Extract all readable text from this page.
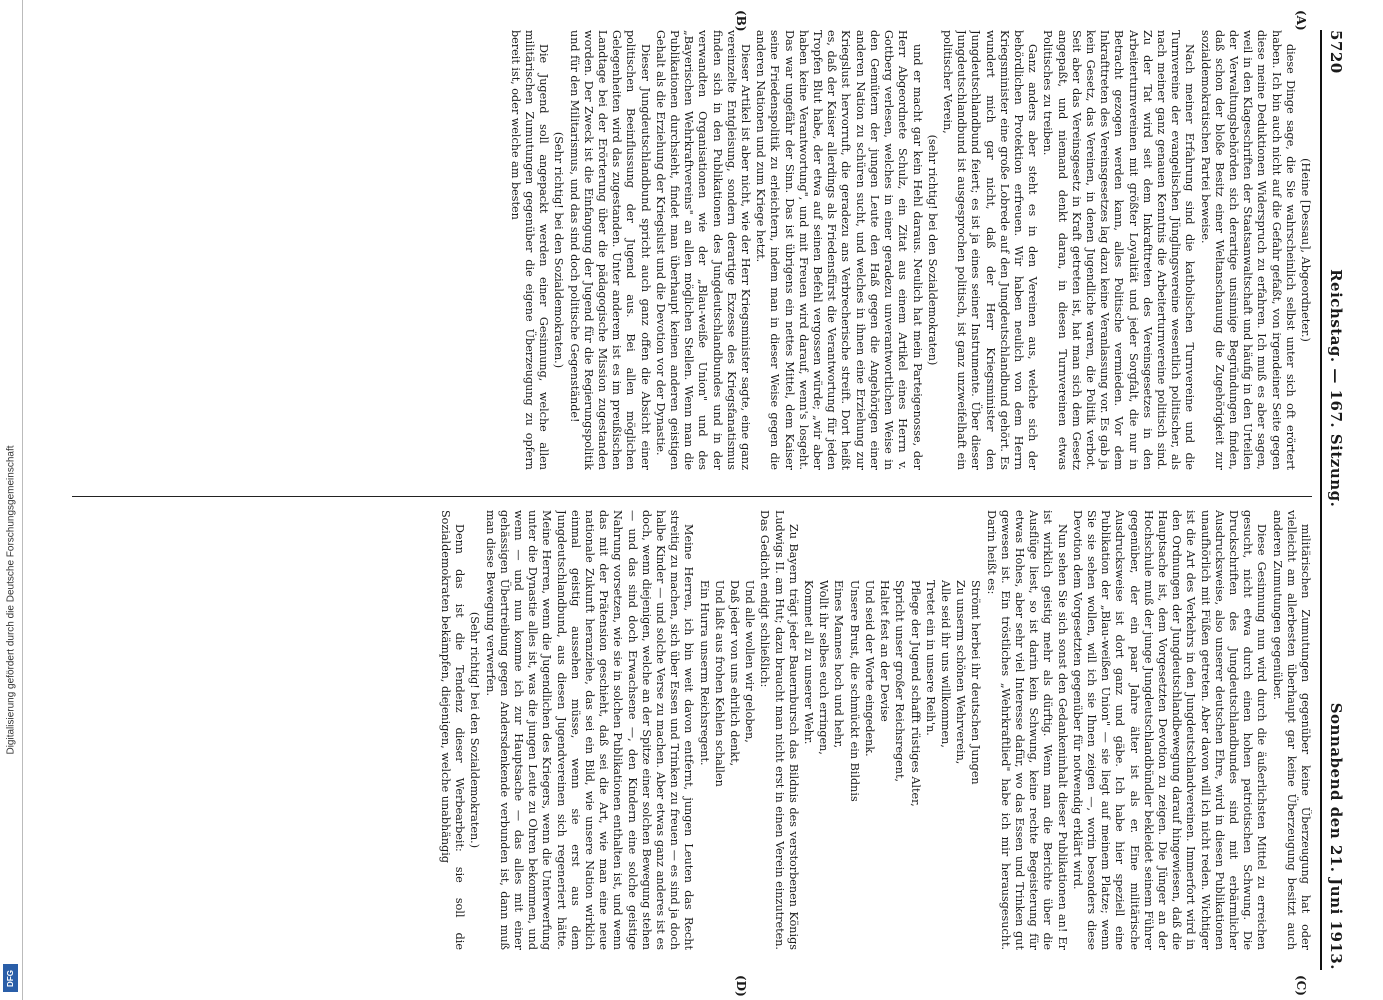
Digitalisierung gefördert durch die Deutsche Forschungsgemeinschaft
DFG
5720
Reichstag. — 167. Sitzung.
Sonnabend den 21. Juni 1913.
(A)
(B)
(C)
(D)

(Heine [Dessau], Abgeordneter.)

diese Dinge sage, die Sie wahrscheinlich selbst unter sich oft erörtert haben. Ich bin auch nicht auf die Gefahr gefaßt, von irgendeiner Seite gegen diese meine Deduktionen Widerspruch zu erfahren. Ich muß es aber sagen, weil in den Klageschriften der Staatsanwaltschaft und häufig in den Urteilen der Verwaltungsbehörden sich derartige unsinnige Begründungen finden, daß schon der bloße Besitz einer Weltanschauung die Zugehörigkeit zur sozialdemokratischen Partei beweise.

Nach meiner Erfahrung sind die katholischen Turnvereine und die Turnvereine der evangelischen Jünglingsvereine wesentlich politischer, als nach meiner ganz genauen Kenntnis die Arbeiterturnvereine politisch sind. Zu der Tat wird seit dem Inkrafttreten des Vereinsgesetzes in den Arbeiterturnvereinen mit größter Loyalität und jeder Sorgfalt, die nur in Betracht gezogen werden kann, alles Politische vermieden. Vor dem Inkrafttreten des Vereinsgesetzes lag dazu keine Veranlassung vor. Es gab ja kein Gesetz, das Vereinen, in denen Jugendliche waren, die Politik verbot. Seit aber das Vereinsgesetz in Kraft getreten ist, hat man sich dem Gesetz angepaßt, und niemand denkt daran, in diesen Turnvereinen etwas Politisches zu treiben.

Ganz anders aber steht es in den Vereinen aus, welche sich der behördlichen Protektion erfreuen. Wir haben neulich von dem Herrn Kriegsminister eine große Lobrede auf den Jungdeutschlandbund gehört. Es wundert mich gar nicht, daß der Herr Kriegsminister den Jungdeutschlandbund feiert; es ist ja eines seiner Instrumente. Über dieser Jungdeutschlandbund ist ausgesprochen politisch, ist ganz unzweifelhaft ein politischer Verein,

(sehr richtig! bei den Sozialdemokraten)

und er macht gar kein Hehl daraus. Neulich hat mein Parteigenosse, der Herr Abgeordnete Schulz, ein Zitat aus einem Artikel eines Herrn v. Gottberg verlesen, welches in einer geradezu unverantwortlichen Weise in den Gemütern der jungen Leute den Haß gegen die Angehörigen einer anderen Nation zu schüren sucht, und welches in ihnen eine Erziehung zur Kriegslust hervorruft, die geradezu ans Verbrecherische streift. Dort heißt es, daß der Kaiser allerdings als Friedensfürst die Verantwortung für jeden Tropfen Blut habe, der etwa auf seinen Befehl vergossen würde; „wir aber haben keine Verantwortung", und mit Freuen wird darauf, wenn's losgeht. Das war ungefähr der Sinn. Das ist übrigens ein nettes Mittel, dem Kaiser seine Friedenspolitik zu erleichtern, indem man in dieser Weise gegen die anderen Nationen und zum Kriege hetzt.

Dieser Artikel ist aber nicht, wie der Herr Kriegsminister sagte, eine ganz vereinzelte Entgleisung, sondern derartige Exzesse des Kriegsfanatismus finden sich in den Publikationen des Jungdeutschlandbundes und in der verwandten Organisationen wie der „Blau-weiße Union" und des „Bayerischen Wehrkraftvereins" an allen möglichen Stellen. Wenn man die Publikationen durchsieht, findet man überhaupt keinen anderen geistigen Gehalt als die Erziehung der Kriegslust und die Devotion vor der Dynastie.

Dieser Jungdeutschlandbund spricht auch ganz offen die Absicht einer politischen Beeinflussung der Jugend aus. Bei allen möglichen Gelegenheiten wird das zugestanden. Unter anderem ist es im preußischen Landtage bei der Erörterung über die pädagogische Mission zugestanden worden. Der Zweck ist die Einfangung der Jugend für die Regierungspolitik und für den Militarismus, und das sind doch politische Gegenstände!

(Sehr richtig! bei den Sozialdemokraten.)

Die Jugend soll angepackt werden einer Gesinnung, welche allen militärischen Zumutungen gegenüber die eigene Überzeugung zu opfern bereit ist, oder welche am besten

militärischen Zumutungen gegenüber keine Überzeugung hat oder vielleicht am allerbesten überhaupt gar keine Überzeugung besitzt auch anderen Zumutungen gegenüber.

Diese Gesinnung nun wird durch die äußerlichsten Mittel zu erreichen gesucht, nicht etwa durch einen hohen patriotischen Schwung. Die Druckschriften des Jungdeutschlandbundes sind mit erbärmlicher Ausdrucksweise, also unserer deutschen Ehre, wird in diesen Publikationen unaufhörlich mit Füßen getreten. Aber davon will ich nicht reden. Wichtiger ist die Art des Verkehrs in den Jungdeutschlandvereinen. Immerfort wird in den Ordnungen der Jungdeutschlandbewegung darauf hingewiesen, daß die Hauptsache ist, dem Vorgesetzten Devotion zu zeigen. Die Jünger an der Hochschule muß der junge Jungdeutschlandbündler bekleidet seinem Führer gegenüber, der ein paar Jahre älter ist als er. Eine militärische Ausdrucksweise ist dort ganz und gäbe. Ich habe hier speziell eine Publikation der „Blau-weißen Union" — sie liegt auf meinem Platze; wenn Sie sie sehen wollen, will ich sie Ihnen zeigen —, worin besonders diese Devotion dem Vorgesetzten gegenüber für notwendig erklärt wird.

Nun sehen Sie sich sonst den Gedankeninhalt dieser Publikationen an! Er ist wirklich geistig mehr als dürftig. Wenn man die Berichte über die Ausflüge liest, so ist darin kein Schwung, keine rechte Begeisterung für etwas Hohes, aber sehr viel Interesse dafür, wo das Essen und Trinken gut gewesen ist. Ein tröstliches „Wehrkraftlied" habe ich mir herausgesucht. Darin heißt es:

Strömt herbei ihr deutschen Jungen

Zu unserm schönen Wehrverein,

Alle seid ihr uns willkommen,

Tretet ein in unsere Reih'n.

Pflege der Jugend schafft rüstiges Alter,

Spricht unser großer Reichsregent,

Haltet fest an der Devise

Und seid der Worte eingedenk.

Unsere Brust, die schmückt ein Bildnis

Eines Mannes hoch und hehr,

Wollt ihr selbes euch erringen,

Kommet all zu unserer Wehr.

Zu Bayern trägt jeder Bauernbursch das Bildnis des verstorbenen Königs Ludwigs II. am Hut; dazu braucht man nicht erst in einen Verein einzutreten. Das Gedicht endigt schließlich:

Und alle wollen wir geloben,

Daß jeder von uns ehrlich denkt,

Und laßt aus frohen Kehlen schallen

Ein Hurra unserm Reichsregent.

Meine Herren, ich bin weit davon entfernt, jungen Leuten das Recht streitig zu machen, sich über Essen und Trinken zu freuen — es sind ja doch halbe Kinder — und solche Verse zu machen. Aber etwas ganz anderes ist es doch, wenn diejenigen, welche an der Spitze einer solchen Bewegung stehen — und das sind doch Erwachsene —, den Kindern eine solche geistige Nahrung vorsetzen, wie sie in solchen Publikationen enthalten ist, und wenn das mit der Prätension geschieht, daß sei die Art, wie man eine neue nationale Zukunft heranziehe, das sei ein Bild, wie unsere Nation wirklich einmal geistig aussehen müsse, wenn sie erst aus dem Jungdeutschlandbund, aus diesen Jugendvereinen sich regeneriert hätte. Meine Herren, wenn die Jugendlichen des Kriegers, wenn die Unterwerfung unter die Dynastie alles ist, was die jungen Leute zu Ohren bekommen, und wenn — und nun komme ich zur Hauptsache — das alles mit einer gehässigen Übertreibung gegen Andersdenkende verbunden ist, dann muß man diese Bewegung verwerfen.

(Sehr richtig! bei den Sozialdemokraten.)

Denn das ist die Tendenz dieser Werbearbeit: sie soll die Sozialdemokraten bekämpfen, diejenigen, welche unabhängig
